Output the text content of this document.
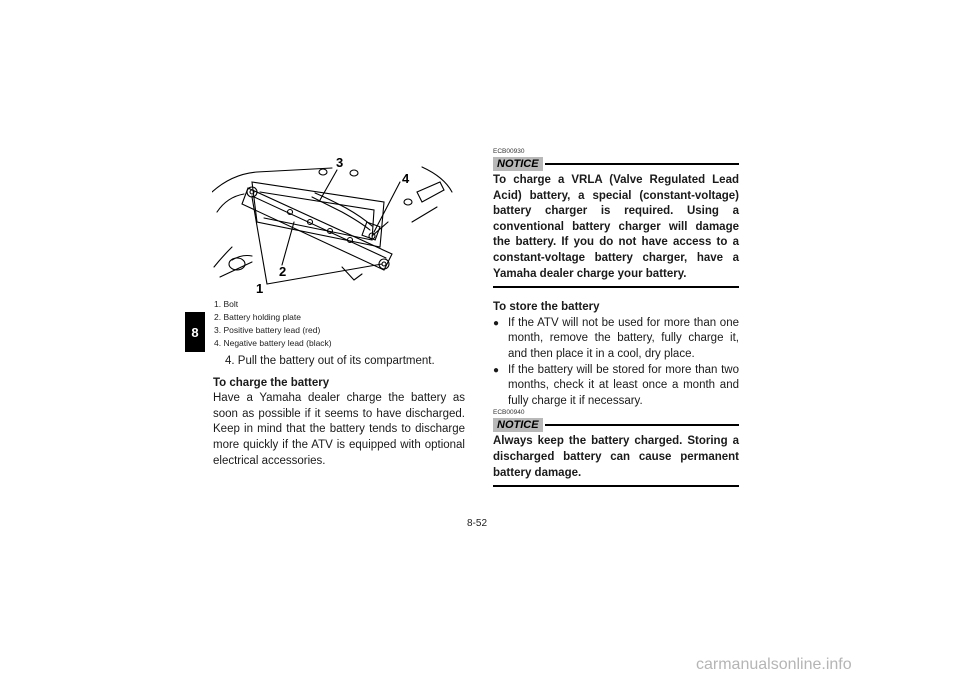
8
3
4
2
1
1. Bolt
2. Battery holding plate
3. Positive battery lead (red)
4. Negative battery lead (black)
4. Pull the battery out of its compartment.
To charge the battery
Have a Yamaha dealer charge the battery as soon as possible if it seems to have discharged. Keep in mind that the battery tends to discharge more quickly if the ATV is equipped with optional electrical accessories.
ECB00930
NOTICE
To charge a VRLA (Valve Regulated Lead Acid) battery, a special (constant-voltage) battery charger is required. Using a conventional battery charger will damage the battery. If you do not have access to a constant-voltage battery charger, have a Yamaha dealer charge your battery.
To store the battery
● If the ATV will not be used for more than one month, remove the battery, fully charge it, and then place it in a cool, dry place.
● If the battery will be stored for more than two months, check it at least once a month and fully charge it if necessary.
ECB00940
NOTICE
Always keep the battery charged. Storing a discharged battery can cause permanent battery damage.
8-52
carmanualsonline.info
